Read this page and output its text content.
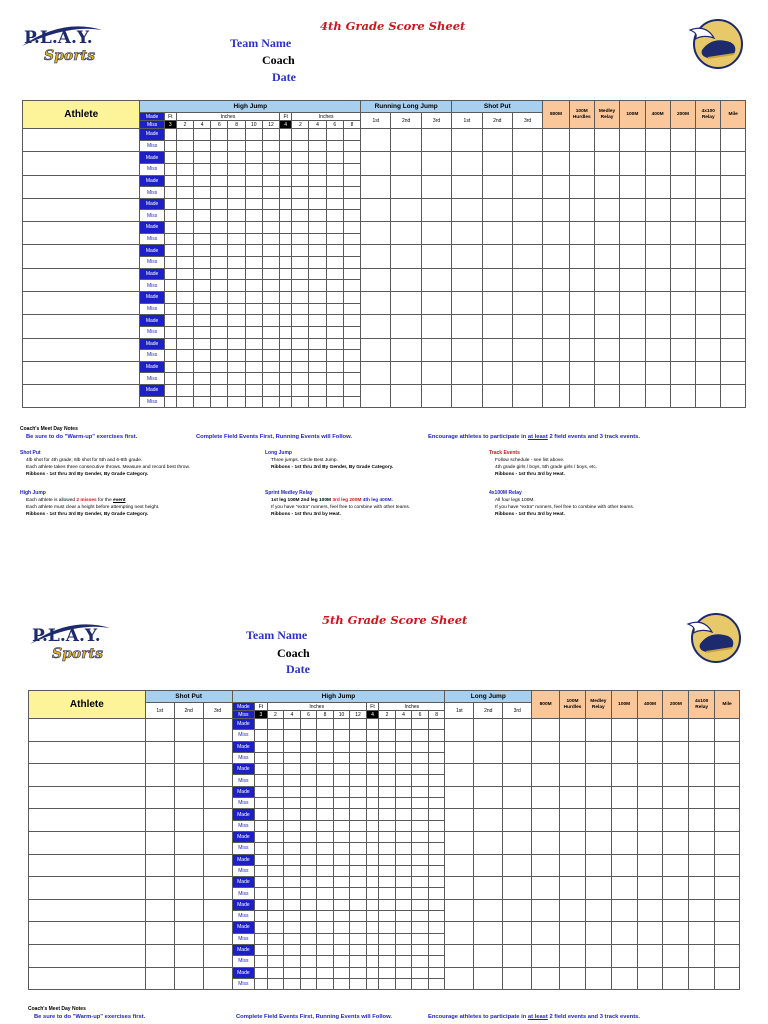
P.L.A.Y.
Sports
4th Grade Score Sheet
Team Name
Coach
Date
Athlete	High Jump													Running Long Jump			Shot Put			800M	100M Hurdles	Medley Relay	100M	400M	200M	4x100 Relay	Mile
	Made	Ft	Inches						Ft	Inches				1st	2nd	3rd	1st	2nd	3rd								
	Miss	3	2	4	6	8	10	12	4	2	4	6	8														
	Made																										
	Miss																										
	Made																										
	Miss																										
	Made																										
	Miss																										
	Made																										
	Miss																										
	Made																										
	Miss																										
	Made																										
	Miss																										
	Made																										
	Miss																										
	Made																										
	Miss																										
	Made																										
	Miss																										
	Made																										
	Miss																										
	Made																										
	Miss																										
	Made																										
	Miss																										
Coach's Meet Day Notes
Be sure to do "Warm-up" exercises first.	Complete Field Events First, Running Events will Follow.	Encourage athletes to participate in at least 2 field events and 3 track events.
Shot Put
4lb shot for 4th grade; 6lb shot for 5th and 6-8th grade.
Each athlete takes three consecutive throws. Measure and record best throw.
Ribbons - 1st thru 3rd By Gender, By Grade Category.
Long Jump
Three jumps. Circle Best Jump.
Ribbons - 1st thru 3rd By Gender, By Grade Category.
Track Events
Follow schedule - see list above.
4th grade girls / boys, 5th grade girls / boys, etc.
Ribbons - 1st thru 3rd by Heat.
High Jump
Each athlete is allowed 2 misses for the event
Each athlete must clear a height before attempting next height.
Ribbons - 1st thru 3rd By Gender, By Grade Category.
Sprint Medley Relay
1st leg 100M 2nd leg 100M 3rd leg 200M 4th leg 400M.
If you have "extra" runners, feel free to combine with other teams.
Ribbons - 1st thru 3rd by Heat.
4x100M Relay
All four legs 100M.
If you have "extra" runners, feel free to combine with other teams.
Ribbons - 1st thru 3rd by Heat.
P.L.A.Y.
Sports
5th Grade Score Sheet
Team Name
Coach
Date
Athlete	Shot Put			High Jump													Long Jump			800M	100M Hurdles	Medley Relay	100M	400M	200M	4x100 Relay	Mile
	1st	2nd	3rd	Made	Ft	Inches						Ft	Inches				1st	2nd	3rd								
				Miss	3	2	4	6	8	10	12	4	2	4	6	8											
				Made																							
				Miss																							
				Made																							
				Miss																							
				Made																							
				Miss																							
				Made																							
				Miss																							
				Made																							
				Miss																							
				Made																							
				Miss																							
				Made																							
				Miss																							
				Made																							
				Miss																							
				Made																							
				Miss																							
				Made																							
				Miss																							
				Made																							
				Miss																							
				Made																							
				Miss																							
Coach's Meet Day Notes
Be sure to do "Warm-up" exercises first.	Complete Field Events First, Running Events will Follow.	Encourage athletes to participate in at least 2 field events and 3 track events.
